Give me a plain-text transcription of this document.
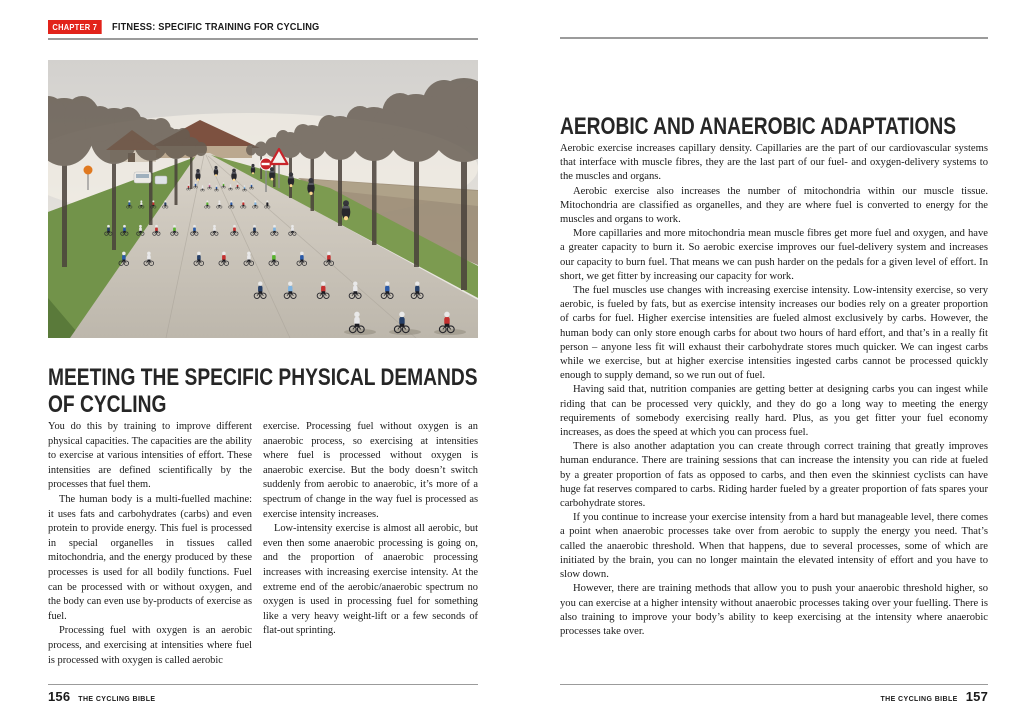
CHAPTER 7	FITNESS: SPECIFIC TRAINING FOR CYCLING
MEETING THE SPECIFIC PHYSICAL DEMANDS
OF CYCLING

You do this by training to improve different physical capacities. The capacities are the ability to exercise at various intensities of effort. These intensities are defined scientifically by the processes that fuel them.

The human body is a multi-fuelled machine: it uses fats and carbohydrates (carbs) and even protein to provide energy. This fuel is processed in special organelles in tissues called mitochondria, and the energy produced by these processes is used for all bodily functions. Fuel can be processed with or without oxygen, and the body can even use by-products of exercise as fuel.

Processing fuel with oxygen is an aerobic process, and exercising at intensities where fuel is processed with oxygen is called aerobic

exercise. Processing fuel without oxygen is an anaerobic process, so exercising at intensities where fuel is processed without oxygen is anaerobic exercise. But the body doesn’t switch suddenly from aerobic to anaerobic, it’s more of a spectrum of change in the way fuel is processed as exercise intensity increases.

Low-intensity exercise is almost all aerobic, but even then some anaerobic processing is going on, and the proportion of anaerobic processing increases with increasing exercise intensity. At the extreme end of the aerobic/anaerobic spectrum no oxygen is used in processing fuel for something like a very heavy weight-lift or a few seconds of flat-out sprinting.

156 THE CYCLING BIBLE
AEROBIC AND ANAEROBIC ADAPTATIONS

Aerobic exercise increases capillary density. Capillaries are the part of our cardiovascular systems that interface with muscle fibres, they are the last part of our fuel- and oxygen-delivery systems to the muscles and organs.

Aerobic exercise also increases the number of mitochondria within our muscle tissue. Mitochondria are classified as organelles, and they are where fuel is converted to energy for the muscles and organs to work.

More capillaries and more mitochondria mean muscle fibres get more fuel and oxygen, and have a greater capacity to burn it. So aerobic exercise improves our fuel-delivery system and increases our capacity to burn fuel. That means we can push harder on the pedals for a given level of effort. In short, we get fitter by increasing our capacity for work.

The fuel muscles use changes with increasing exercise intensity. Low-intensity exercise, so very aerobic, is fueled by fats, but as exercise intensity increases our bodies rely on a greater proportion of carbs for fuel. Higher exercise intensities are fueled almost exclusively by carbs. However, the human body can only store enough carbs for about two hours of hard effort, and that’s in a really fit person – anyone less fit will exhaust their carbohydrate stores much quicker. We can ingest carbs while we exercise, but at higher exercise intensities ingested carbs cannot be processed quickly enough to supply demand, so we run out of fuel.

Having said that, nutrition companies are getting better at designing carbs you can ingest while riding that can be processed very quickly, and they do go a long way to meeting the energy requirements of somebody exercising really hard. Plus, as you get fitter your fuel economy increases, as does the speed at which you can process fuel.

There is also another adaptation you can create through correct training that greatly improves human endurance. There are training sessions that can increase the intensity you can ride at fueled by a greater proportion of fats as opposed to carbs, and then even the skinniest cyclists can have huge fat reserves compared to carbs. Riding harder fueled by a greater proportion of fats spares your carbohydrate stores.

If you continue to increase your exercise intensity from a hard but manageable level, there comes a point when anaerobic processes take over from aerobic to supply the energy you need. That’s called the anaerobic threshold. When that happens, due to several processes, some of which are initiated by the brain, you can no longer maintain the elevated intensity of effort and you have to slow down.

However, there are training methods that allow you to push your anaerobic threshold higher, so you can exercise at a higher intensity without anaerobic processes taking over your fuelling. There is also training to improve your body’s ability to keep exercising at the intensity where anaerobic processes take over.

THE CYCLING BIBLE 157
